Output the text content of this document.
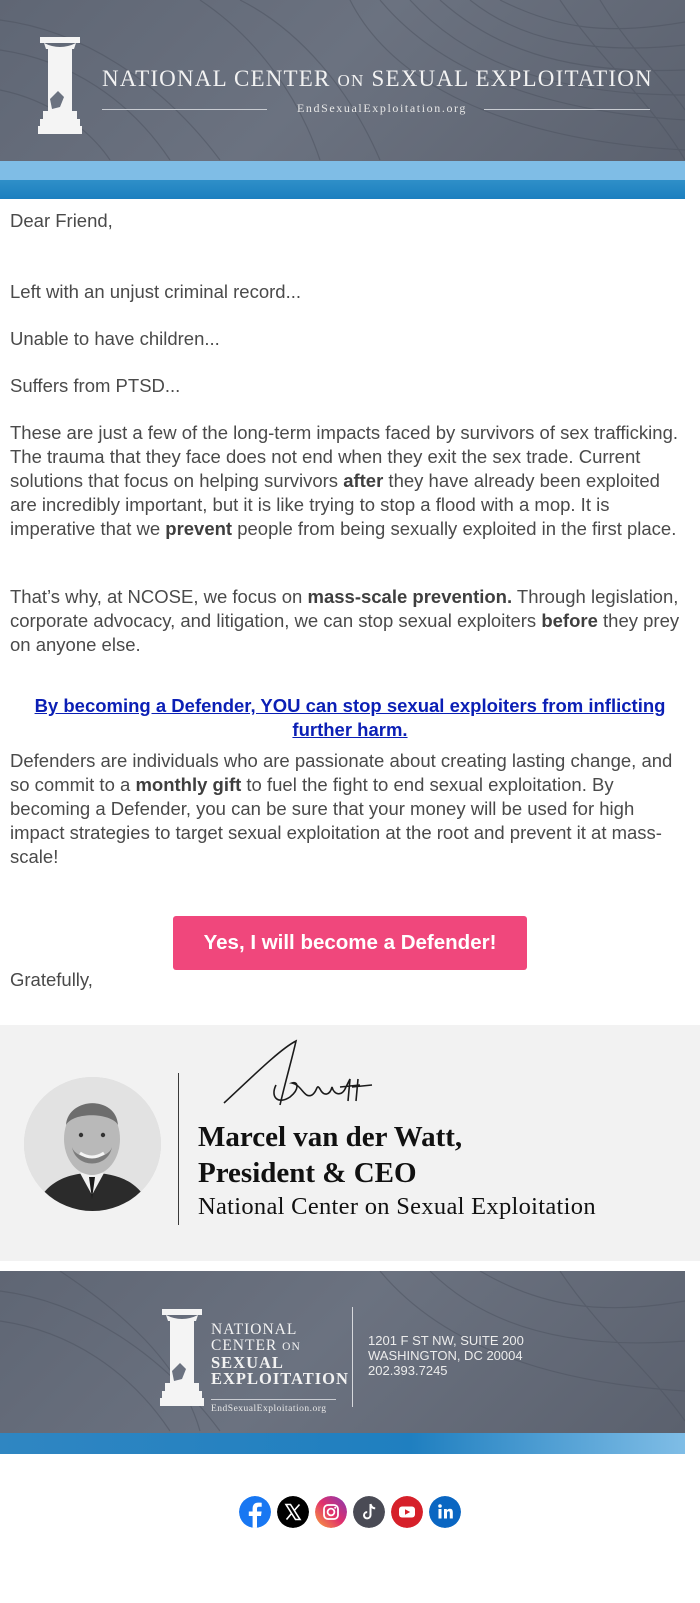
NATIONAL CENTER ON SEXUAL EXPLOITATION
EndSexualExploitation.org
Dear Friend,
Left with an unjust criminal record...
Unable to have children...
Suffers from PTSD...
These are just a few of the long-term impacts faced by survivors of sex trafficking. The trauma that they face does not end when they exit the sex trade. Current solutions that focus on helping survivors after they have already been exploited are incredibly important, but it is like trying to stop a flood with a mop. It is imperative that we prevent people from being sexually exploited in the first place.
That’s why, at NCOSE, we focus on mass-scale prevention. Through legislation, corporate advocacy, and litigation, we can stop sexual exploiters before they prey on anyone else.
By becoming a Defender, YOU can stop sexual exploiters from inflicting further harm.
Defenders are individuals who are passionate about creating lasting change, and so commit to a monthly gift to fuel the fight to end sexual exploitation. By becoming a Defender, you can be sure that your money will be used for high impact strategies to target sexual exploitation at the root and prevent it at mass-scale!
Yes, I will become a Defender!
Gratefully,
Marcel van der Watt,
President & CEO
National Center on Sexual Exploitation
NATIONAL
CENTER ON
SEXUAL
EXPLOITATION
EndSexualExploitation.org
1201 F ST NW, SUITE 200
WASHINGTON, DC 20004
202.393.7245
